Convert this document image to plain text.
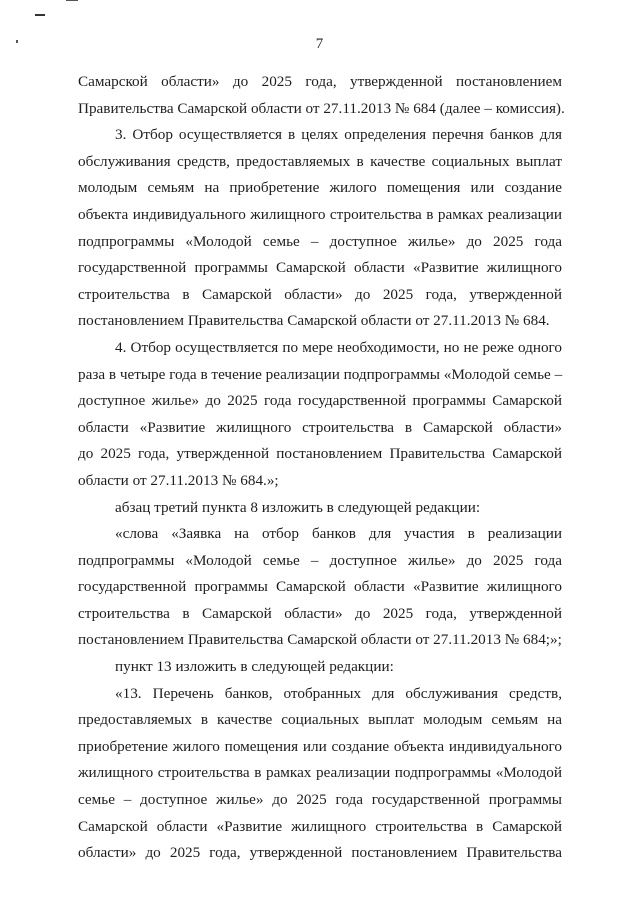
7
Самарской области» до 2025 года, утвержденной постановлением
Правительства Самарской области от 27.11.2013 № 684 (далее – комиссия).
3. Отбор осуществляется в целях определения перечня банков для
обслуживания средств, предоставляемых в качестве социальных выплат
молодым семьям на приобретение жилого помещения или создание
объекта индивидуального жилищного строительства в рамках реализации
подпрограммы «Молодой семье – доступное жилье» до 2025 года
государственной программы Самарской области «Развитие жилищного
строительства в Самарской области» до 2025 года, утвержденной
постановлением Правительства Самарской области от 27.11.2013 № 684.
4. Отбор осуществляется по мере необходимости, но не реже одного
раза в четыре года в течение реализации подпрограммы «Молодой семье –
доступное жилье» до 2025 года государственной программы Самарской
области «Развитие жилищного строительства в Самарской области»
до 2025 года, утвержденной постановлением Правительства Самарской
области от 27.11.2013 № 684.»;
абзац третий пункта 8 изложить в следующей редакции:
«слова «Заявка на отбор банков для участия в реализации
подпрограммы «Молодой семье – доступное жилье» до 2025 года
государственной программы Самарской области «Развитие жилищного
строительства в Самарской области» до 2025 года, утвержденной
постановлением Правительства Самарской области от 27.11.2013 № 684;»;
пункт 13 изложить в следующей редакции:
«13. Перечень банков, отобранных для обслуживания средств,
предоставляемых в качестве социальных выплат молодым семьям на
приобретение жилого помещения или создание объекта индивидуального
жилищного строительства в рамках реализации подпрограммы «Молодой
семье – доступное жилье» до 2025 года государственной программы
Самарской области «Развитие жилищного строительства в Самарской
области» до 2025 года, утвержденной постановлением Правительства
